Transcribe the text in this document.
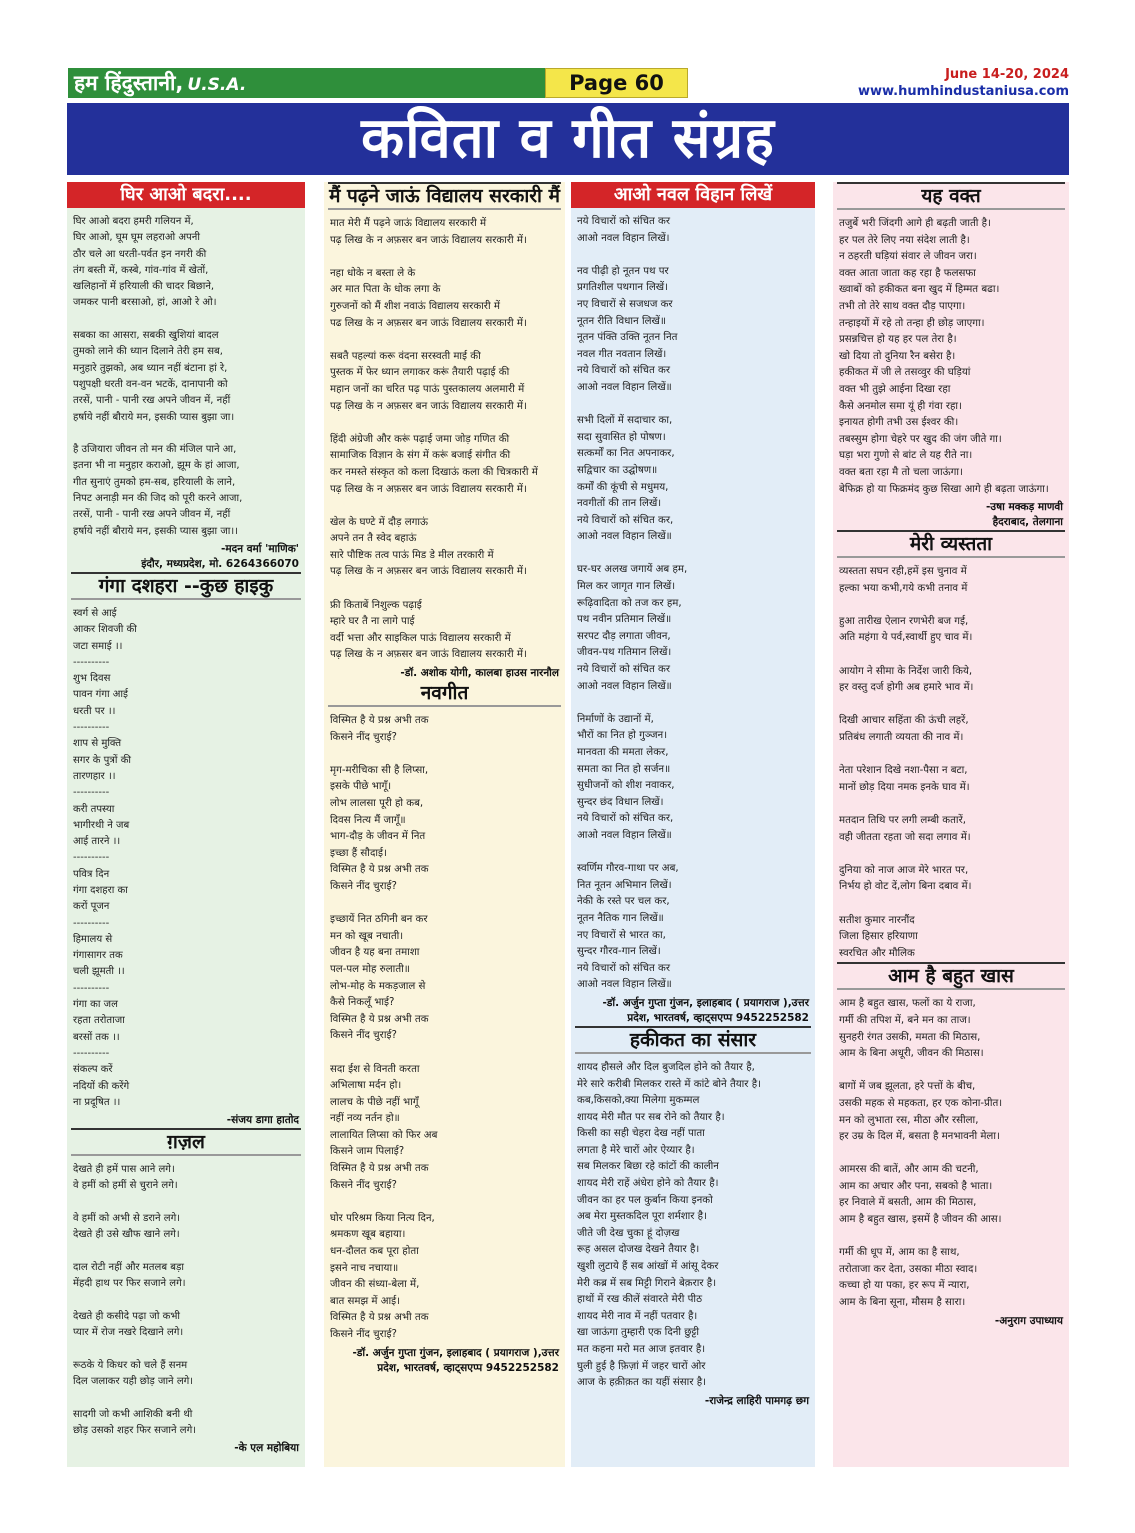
हम हिंदुस्तानी, U.S.A.	Page 60	June 14-20, 2024
www.humhindustaniusa.com
कविता व गीत संग्रह
घिर आओ बदरा....
घिर आओ बदरा हमरी गलियन में,
घिर आओ, घूम घूम लहराओ अपनी
ठौर चले आ धरती-पर्वत इन नगरी की
तंग बस्ती में, कस्बे, गांव-गांव में खेतों,
खलिहानों में हरियाली की चादर बिछाने,
जमकर पानी बरसाओ, हां, आओ रे ओ।

सबका का आसरा, सबकी खुशियां बादल
तुमको लाने की ध्यान दिलाने तेरी हम सब,
मनुहारे तुझको, अब ध्यान नहीं बंटाना हां रे,
पशुपक्षी धरती वन-वन भटकें, दानापानी को
तरसें, पानी - पानी रख अपने जीवन में, नहीं
हर्षाये नहीं बौराये मन, इसकी प्यास बुझा जा।

है उजियारा जीवन तो मन की मंजिल पाने आ,
इतना भी ना मनुहार कराओ, झूम के हां आजा,
गीत सुनाएं तुमको हम-सब, हरियाली के लाने,
निपट अनाड़ी मन की जिद को पूरी करने आजा,
तरसें, पानी - पानी रख अपने जीवन में, नहीं
हर्षाये नहीं बौराये मन, इसकी प्यास बुझा जा।।
-मदन वर्मा 'माणिक'
इंदौर, मध्यप्रदेश, मो. 6264366070
गंगा दशहरा --कुछ हाइकु
स्वर्ग से आई
आकर शिवजी की
जटा समाई ।।
----------
शुभ दिवस
पावन गंगा आई
धरती पर ।।
----------
शाप से मुक्ति
सगर के पुत्रों की
तारणहार ।।
----------
करी तपस्या
भागीरथी ने जब
आई तारने ।।
----------
पवित्र दिन
गंगा दशहरा का
करों पूजन
----------
हिमालय से
गंगासागर तक
चली झूमती ।।
----------
गंगा का जल
रहता तरोताजा
बरसों तक ।।
----------
संकल्प करें
नदियों की करेंगे
ना प्रदूषित ।।
-संजय डागा हातोद
ग़ज़ल
देखते ही हमें पास आने लगे।
वे हमीं को हमीं से चुराने लगे।

वे हमीं को अभी से डराने लगे।
देखते ही उसे खौफ खाने लगे।

दाल रोटी नहीं और मतलब बड़ा
मेंहदी हाथ पर फिर सजाने लगे।

देखते ही कसीदे पढ़ा जो कभी
प्यार में रोज नखरे दिखाने लगे।

रूठके ये किधर को चले हैं सनम
दिल जलाकर यही छोड़ जाने लगे।

सादगी जो कभी आशिकी बनी थी
छोड़ उसको शहर फिर सजाने लगे।
-के एल महोबिया
मैं पढ़ने जाऊं विद्यालय सरकारी मैं
मात मेरी मैं पढ़ने जाऊं विद्यालय सरकारी में
पढ़ लिख के न अफ़सर बन जाऊं विद्यालय सरकारी में।

नहा धोके न बस्ता ले के
अर मात पिता के धोक लगा के
गुरुजनों को मैं शीश नवाऊं विद्यालय सरकारी में
पढ लिख के न अफ़सर बन जाऊं विद्यालय सरकारी में।

सबतै पहल्यां करू वंदना सरस्वती माई की
पुस्तक में फेर ध्यान लगाकर करूं तैयारी पढ़ाई की
महान जनों का चरित पढ़ पाऊं पुस्तकालय अलमारी में
पढ़ लिख के न अफ़सर बन जाऊं विद्यालय सरकारी में।

हिंदी अंग्रेजी और करूं पढ़ाई जमा जोड़ गणित की
सामाजिक विज्ञान के संग में करूं बजाई संगीत की
कर नमस्ते संस्कृत को कला दिखाऊं कला की चित्रकारी में
पढ़ लिख के न अफ़सर बन जाऊं विद्यालय सरकारी में।

खेल के घण्टे में दौड़ लगाऊं
अपने तन तै स्वेद बहाऊं
सारे पौष्टिक तत्व पाऊं मिड डे मील तरकारी में
पढ़ लिख के न अफ़सर बन जाऊं विद्यालय सरकारी में।

फ्री किताबें निशुल्क पढ़ाई
म्हारे घर तै ना लागे पाई
वर्दी भत्ता और साइकिल पाऊं विद्यालय सरकारी में
पढ़ लिख के न अफ़सर बन जाऊं विद्यालय सरकारी में।
-डॉ. अशोक योगी, कालबा हाउस नारनौल
नवगीत
विस्मित है ये प्रश्न अभी तक
किसने नींद चुराई?

मृग-मरीचिका सी है लिप्सा,
इसके पीछे भागूँ।
लोभ लालसा पूरी हो कब,
दिवस नित्य मैं जागूँ॥
भाग-दौड़ के जीवन में नित
इच्छा हैं सौदाई।
विस्मित है ये प्रश्न अभी तक
किसने नींद चुराई?

इच्छायें नित ठगिनी बन कर
मन को खूब नचाती।
जीवन है यह बना तमाशा
पल-पल मोह रुलाती॥
लोभ-मोह के मकड़जाल से
कैसे निकलूँ भाई?
विस्मित है ये प्रश्न अभी तक
किसने नींद चुराई?

सदा ईश से विनती करता
अभिलाषा मर्दन हो।
लालच के पीछे नहीं भागूँ
नहीं नव्य नर्तन हो॥
लालायित लिप्सा को फिर अब
किसने जाम पिलाई?
विस्मित है ये प्रश्न अभी तक
किसने नींद चुराई?

घोर परिश्रम किया नित्य दिन,
श्रमकण खूब बहाया।
धन-दौलत कब पूरा होता
इसने नाच नचाया॥
जीवन की संध्या-बेला में,
बात समझ में आई।
विस्मित है ये प्रश्न अभी तक
किसने नींद चुराई?
-डॉ. अर्जुन गुप्ता गुंजन, इलाहबाद ( प्रयागराज ),उत्तर
प्रदेश, भारतवर्ष, व्हाट्सएप्प 9452252582
आओ नवल विहान लिखें
नये विचारों को संचित कर
आओ नवल विहान लिखें।

नव पीढ़ी हो नूतन पथ पर
प्रगतिशील पथगान लिखें।
नए विचारों से सजधज कर
नूतन रीति विधान लिखें॥
नूतन पंक्ति उक्ति नूतन नित
नवल गीत नवतान लिखें।
नये विचारों को संचित कर
आओ नवल विहान लिखें॥

सभी दिलों में सदाचार का,
सदा सुवासित हो पोषण।
सत्कर्मों का नित अपनाकर,
सद्विचार का उद्घोषण॥
कर्मों की कूंची से मधुमय,
नवगीतों की तान लिखें।
नये विचारों को संचित कर,
आओ नवल विहान लिखें॥

घर-घर अलख जगायें अब हम,
मिल कर जागृत गान लिखें।
रूढ़िवादिता को तज कर हम,
पथ नवीन प्रतिमान लिखें॥
सरपट दौड़ लगाता जीवन,
जीवन-पथ गतिमान लिखें।
नये विचारों को संचित कर
आओ नवल विहान लिखें॥

निर्माणों के उद्यानों में,
भौरों का नित हो गुञ्जन।
मानवता की ममता लेकर,
समता का नित हो सर्जन॥
सुधीजनों को शीश नवाकर,
सुन्दर छंद विधान लिखें।
नये विचारों को संचित कर,
आओ नवल विहान लिखें॥

स्वर्णिम गौरव-गाथा पर अब,
नित नूतन अभिमान लिखें।
नेकी के रस्ते पर चल कर,
नूतन नैतिक गान लिखें॥
नए विचारों से भारत का,
सुन्दर गौरव-गान लिखें।
नये विचारों को संचित कर
आओ नवल विहान लिखें॥
-डॉ. अर्जुन गुप्ता गुंजन, इलाहबाद ( प्रयागराज ),उत्तर
प्रदेश, भारतवर्ष, व्हाट्सएप्प 9452252582
हकीकत का संसार
शायद हौसले और दिल बुजदिल होने को तैयार है,
मेरे सारे करीबी मिलकर रास्ते में कांटे बोने तैयार है।
कब,किसको,क्या मिलेगा मुकम्मल
शायद मेरी मौत पर सब रोने को तैयार है।
किसी का सही चेहरा देख नहीं पाता
लगता है मेरे चारों ओर ऐय्यार है।
सब मिलकर बिछा रहे कांटों की कालीन
शायद मेरी राहें अंधेरा होने को तैयार है।
जीवन का हर पल कुर्बान किया इनको
अब मेरा मुस्तकदिल पूरा शर्मशार है।
जीते जी देख चुका हूं दोज़ख
रूह असल दोजख देखने तैयार है।
खुशी लुटाये हैं सब आंखों में आंसू देकर
मेरी कब्र में सब मिट्टी गिराने बेक़रार है।
हाथों में रख कीलें संवारते मेरी पीठ
शायद मेरी नाव में नहीं पतवार है।
खा जाऊंगा तुम्हारी एक दिनी छुट्टी
मत कहना मरो मत आज इतवार है।
घुली हुई है फ़िज़ां में जहर चारों ओर
आज के हक़ीक़त का यहीं संसार है।
-राजेन्द्र लाहिरी पामगढ़ छग
यह वक्त
तजुर्बे भरी जिंदगी आगे ही बढ़ती जाती है।
हर पल तेरे लिए नया संदेश लाती है।
न ठहरती घड़ियां संवार ले जीवन जरा।
वक्त आता जाता कह रहा है फलसफा
ख्वाबों को हकीकत बना खुद में हिम्मत बढा।
तभी तो तेरे साथ वक्त दौड़ पाएगा।
तन्हाइयों में रहे तो तन्हा ही छोड़ जाएगा।
प्रसन्नचित्त हो यह हर पल तेरा है।
खो दिया तो दुनिया रैन बसेरा है।
हकीकत में जी ले तसव्वुर की घड़ियां
वक्त भी तुझे आईना दिखा रहा
कैसे अनमोल समा यूं ही गंवा रहा।
इनायत होगी तभी उस ईश्वर की।
तबस्सुम होगा चेहरे पर खुद की जंग जीते गा।
घड़ा भरा गुणो से बांट ले यह रीते ना।
वक्त बता रहा मै तो चला जाऊंगा।
बेफिक्र हो या फिक्रमंद कुछ सिखा आगे ही बढ़ता जाऊंगा।
-उषा मक्कड़ माणवी
हैदराबाद, तेलगाना
मेरी व्यस्तता
व्यस्तता सघन रही,हमें इस चुनाव में
हल्का भया कभी,गये कभी तनाव में

हुआ तारीख ऐलान रणभेरी बज गई,
अति महंगा ये पर्व,स्वार्थी हुए चाव में।

आयोग ने सीमा के निर्देश जारी किये,
हर वस्तु दर्ज होगी अब हमारे भाव में।

दिखी आचार सहिंता की ऊंची लहरें,
प्रतिबंध लगाती व्ययता की नाव में।

नेता परेशान दिखे नशा-पैसा न बटा,
मानों छोड़ दिया नमक इनके घाव में।

मतदान तिथि पर लगी लम्बी कतारें,
वही जीतता रहता जो सदा लगाव में।

दुनिया को नाज आज मेरे भारत पर,
निर्भय हो वोट दें,लोग बिना दबाव में।

सतीश कुमार नारनौंद
जिला हिसार हरियाणा
स्वरचित और मौलिक
आम है बहुत खास
आम है बहुत खास, फलों का ये राजा,
गर्मी की तपिश में, बने मन का ताज।
सुनहरी रंगत उसकी, ममता की मिठास,
आम के बिना अधूरी, जीवन की मिठास।

बागों में जब झूलता, हरे पत्तों के बीच,
उसकी महक से महकता, हर एक कोना-प्रीत।
मन को लुभाता रस, मीठा और रसीला,
हर उम्र के दिल में, बसता है मनभावनी मेला।

आमरस की बातें, और आम की चटनी,
आम का अचार और पना, सबको है भाता।
हर निवाले में बसती, आम की मिठास,
आम है बहुत खास, इसमें है जीवन की आस।

गर्मी की धूप में, आम का है साथ,
तरोताजा कर देता, उसका मीठा स्वाद।
कच्चा हो या पका, हर रूप में न्यारा,
आम के बिना सूना, मौसम है सारा।
-अनुराग उपाध्याय
